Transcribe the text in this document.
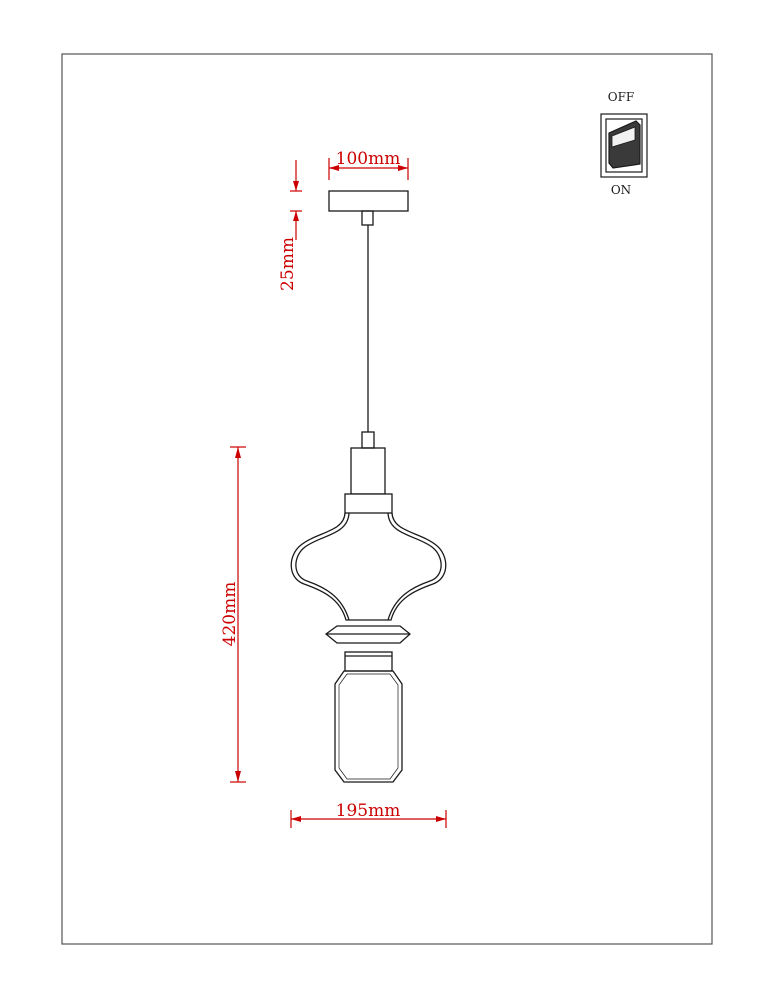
100mm
25mm
420mm
195mm
OFF
ON
